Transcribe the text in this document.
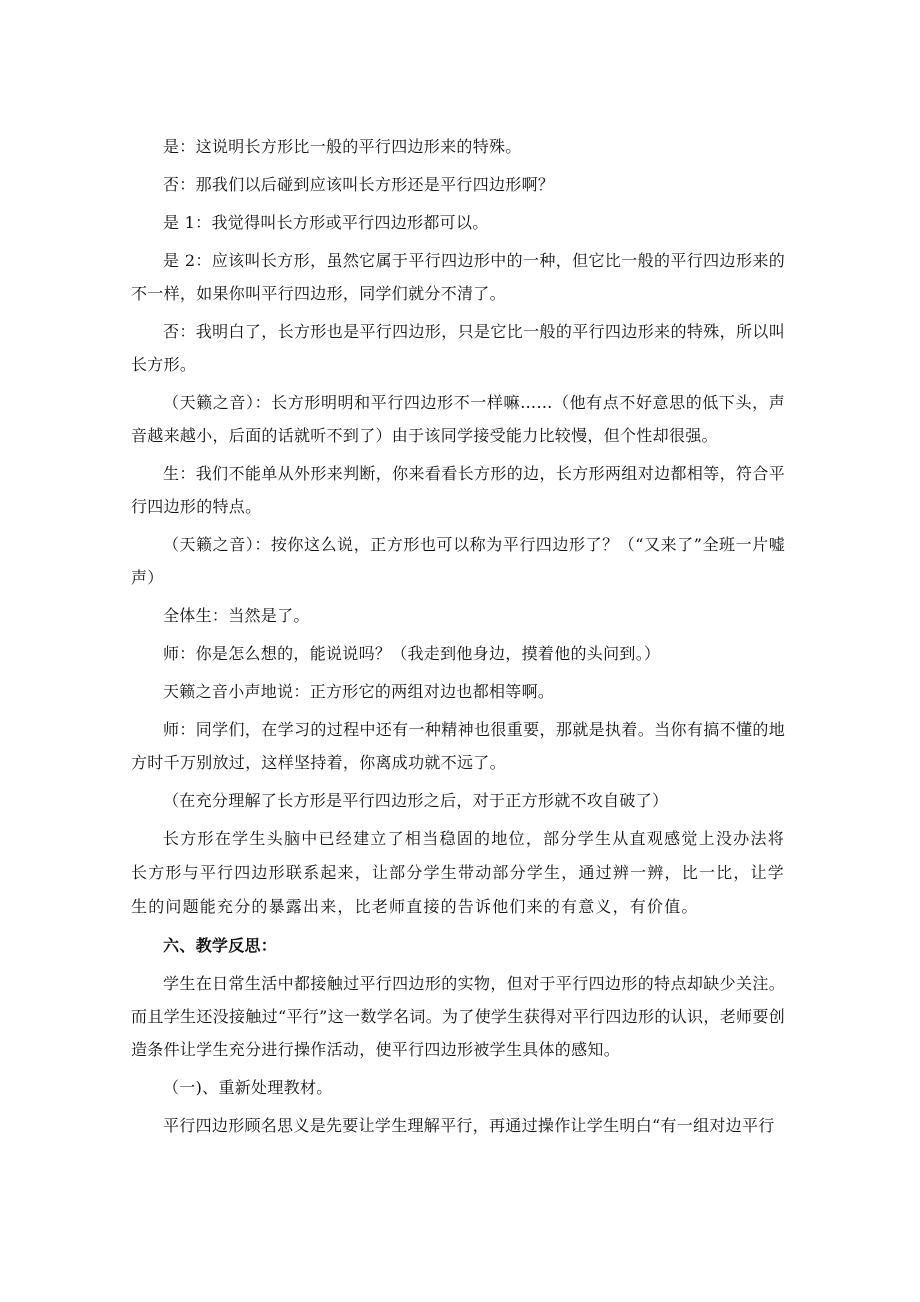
是：这说明长方形比一般的平行四边形来的特殊。

否：那我们以后碰到应该叫长方形还是平行四边形啊？

是 1：我觉得叫长方形或平行四边形都可以。

是 2：应该叫长方形，虽然它属于平行四边形中的一种，但它比一般的平行四边形来的不一样，如果你叫平行四边形，同学们就分不清了。

否：我明白了，长方形也是平行四边形，只是它比一般的平行四边形来的特殊，所以叫长方形。

（天籁之音）：长方形明明和平行四边形不一样嘛……（他有点不好意思的低下头，声音越来越小，后面的话就听不到了）由于该同学接受能力比较慢，但个性却很强。

生：我们不能单从外形来判断，你来看看长方形的边，长方形两组对边都相等，符合平行四边形的特点。

（天籁之音）：按你这么说，正方形也可以称为平行四边形了？（“又来了”全班一片嘘声）

全体生：当然是了。

师：你是怎么想的，能说说吗？（我走到他身边，摸着他的头问到。）

天籁之音小声地说：正方形它的两组对边也都相等啊。

师：同学们，在学习的过程中还有一种精神也很重要，那就是执着。当你有搞不懂的地方时千万别放过，这样坚持着，你离成功就不远了。

（在充分理解了长方形是平行四边形之后，对于正方形就不攻自破了）

长方形在学生头脑中已经建立了相当稳固的地位，部分学生从直观感觉上没办法将长方形与平行四边形联系起来，让部分学生带动部分学生，通过辨一辨，比一比，让学生的问题能充分的暴露出来，比老师直接的告诉他们来的有意义，有价值。

六、教学反思：

学生在日常生活中都接触过平行四边形的实物，但对于平行四边形的特点却缺少关注。而且学生还没接触过“平行”这一数学名词。为了使学生获得对平行四边形的认识，老师要创造条件让学生充分进行操作活动，使平行四边形被学生具体的感知。

（一)、重新处理教材。

平行四边形顾名思义是先要让学生理解平行，再通过操作让学生明白“有一组对边平行
